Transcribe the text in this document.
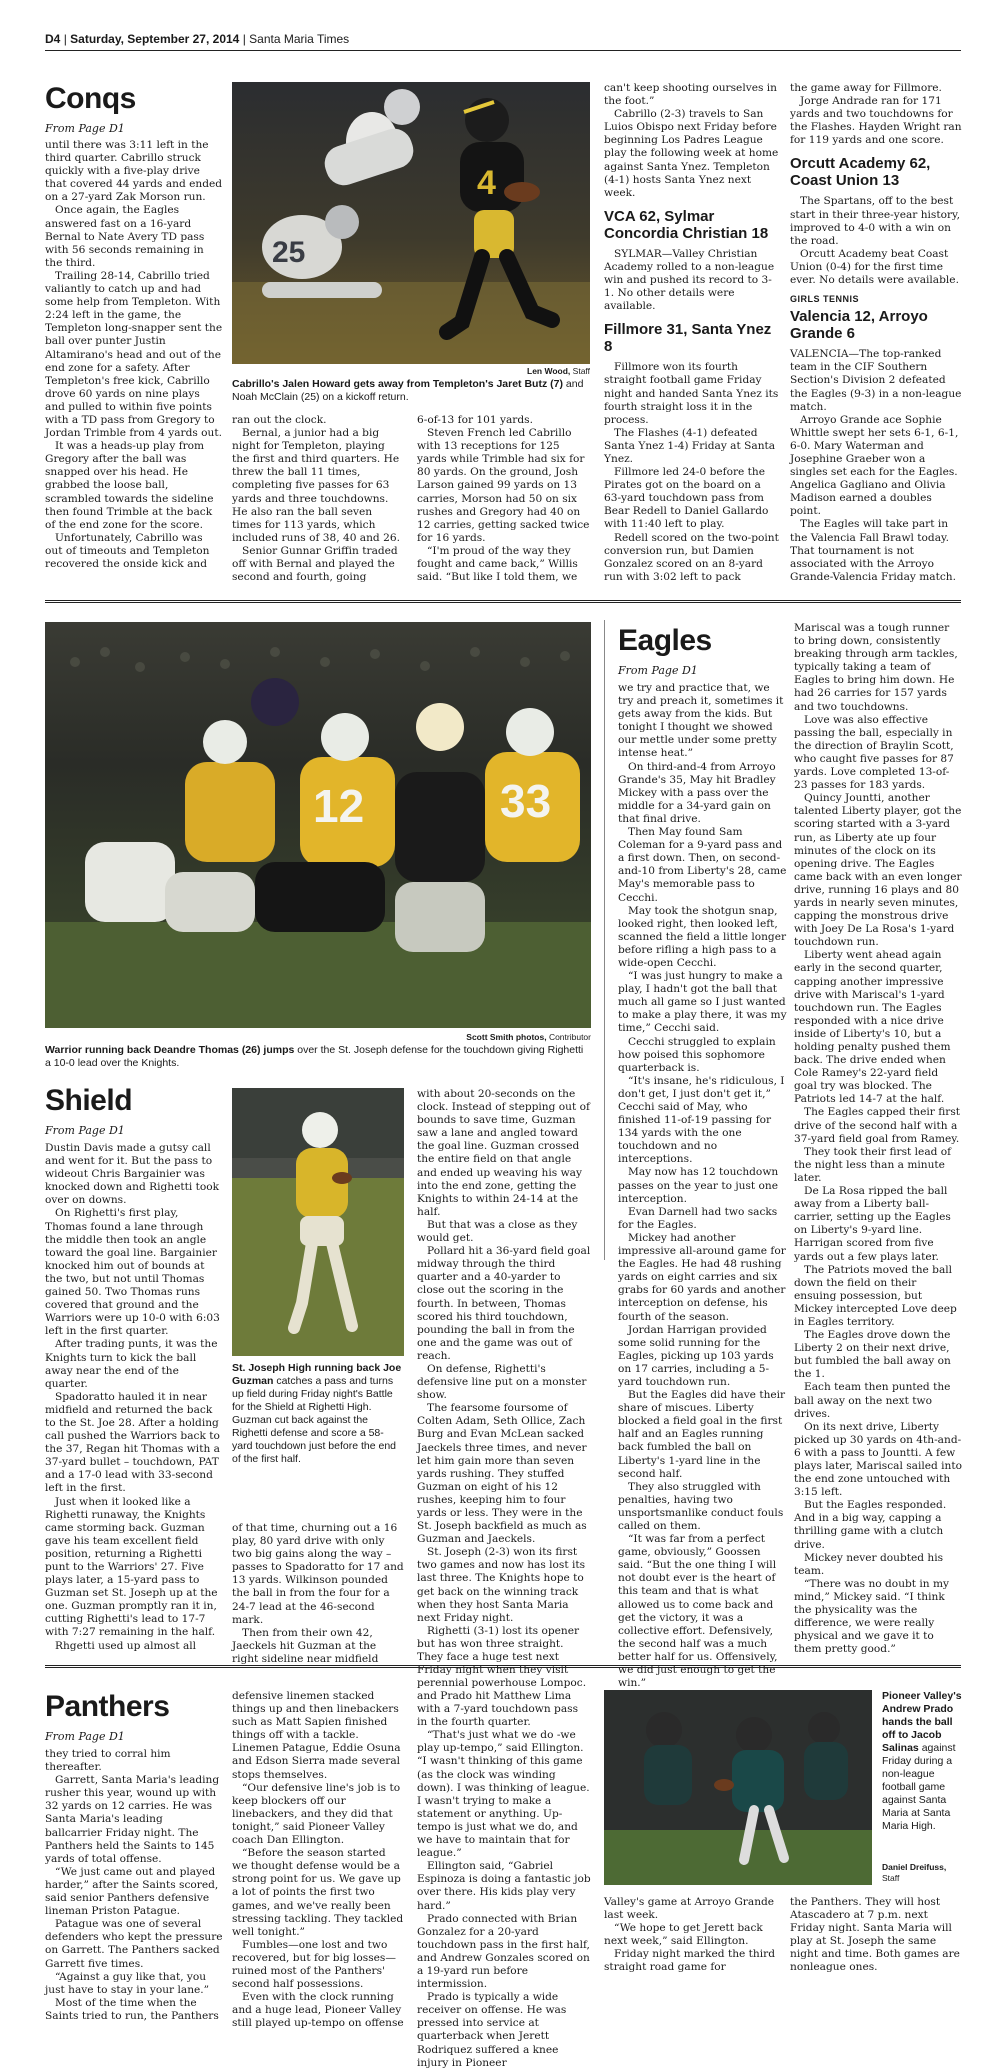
D4 | Saturday, September 27, 2014 | Santa Maria Times
Conqs
From Page D1

until there was 3:11 left in the third quarter. Cabrillo struck quickly with a five-play drive that covered 44 yards and ended on a 27-yard Zak Morson run.

Once again, the Eagles answered fast on a 16-yard Bernal to Nate Avery TD pass with 56 seconds remaining in the third.

Trailing 28-14, Cabrillo tried valiantly to catch up and had some help from Templeton. With 2:24 left in the game, the Templeton long-snapper sent the ball over punter Justin Altamirano's head and out of the end zone for a safety. After Templeton's free kick, Cabrillo drove 60 yards on nine plays and pulled to within five points with a TD pass from Gregory to Jordan Trimble from 4 yards out.

It was a heads-up play from Gregory after the ball was snapped over his head. He grabbed the loose ball, scrambled towards the sideline then found Trimble at the back of the end zone for the score.

Unfortunately, Cabrillo was out of timeouts and Templeton recovered the onside kick and

25
4
Len Wood, Staff
Cabrillo's Jalen Howard gets away from Templeton's Jaret Butz (7) and Noah McClain (25) on a kickoff return.

ran out the clock.

Bernal, a junior had a big night for Templeton, playing the first and third quarters. He threw the ball 11 times, completing five passes for 63 yards and three touchdowns. He also ran the ball seven times for 113 yards, which included runs of 38, 40 and 26.

Senior Gunnar Griffin traded off with Bernal and played the second and fourth, going

6-of-13 for 101 yards.

Steven French led Cabrillo with 13 receptions for 125 yards while Trimble had six for 80 yards. On the ground, Josh Larson gained 99 yards on 13 carries, Morson had 50 on six rushes and Gregory had 40 on 12 carries, getting sacked twice for 16 yards.

“I'm proud of the way they fought and came back,” Willis said. “But like I told them, we

can't keep shooting ourselves in the foot.”

Cabrillo (2-3) travels to San Luios Obispo next Friday before beginning Los Padres League play the following week at home against Santa Ynez. Templeton (4-1) hosts Santa Ynez next week.

VCA 62, Sylmar Concordia Christian 18

SYLMAR—Valley Christian Academy rolled to a non-league win and pushed its record to 3-1. No other details were available.

Fillmore 31, Santa Ynez 8

Fillmore won its fourth straight football game Friday night and handed Santa Ynez its fourth straight loss it in the process.

The Flashes (4-1) defeated Santa Ynez 1-4) Friday at Santa Ynez.

Fillmore led 24-0 before the Pirates got on the board on a 63-yard touchdown pass from Bear Redell to Daniel Gallardo with 11:40 left to play.

Redell scored on the two-point conversion run, but Damien Gonzalez scored on an 8-yard run with 3:02 left to pack

the game away for Fillmore.

Jorge Andrade ran for 171 yards and two touchdowns for the Flashes. Hayden Wright ran for 119 yards and one score.

Orcutt Academy 62, Coast Union 13

The Spartans, off to the best start in their three-year history, improved to 4-0 with a win on the road.

Orcutt Academy beat Coast Union (0-4) for the first time ever. No details were available.

GIRLS TENNIS
Valencia 12, Arroyo Grande 6

VALENCIA—The top-ranked team in the CIF Southern Section's Division 2 defeated the Eagles (9-3) in a non-league match.

Arroyo Grande ace Sophie Whittle swept her sets 6-1, 6-1, 6-0. Mary Waterman and Josephine Graeber won a singles set each for the Eagles. Angelica Gagliano and Olivia Madison earned a doubles point.

The Eagles will take part in the Valencia Fall Brawl today. That tournament is not associated with the Arroyo Grande-Valencia Friday match.

12	33
Scott Smith photos, Contributor
Warrior running back Deandre Thomas (26) jumps over the St. Joseph defense for the touchdown giving Righetti a 10-0 lead over the Knights.
Eagles
From Page D1

we try and practice that, we try and preach it, sometimes it gets away from the kids. But tonight I thought we showed our mettle under some pretty intense heat.”

On third-and-4 from Arroyo Grande's 35, May hit Bradley Mickey with a pass over the middle for a 34-yard gain on that final drive.

Then May found Sam Coleman for a 9-yard pass and a first down. Then, on second-and-10 from Liberty's 28, came May's memorable pass to Cecchi.

May took the shotgun snap, looked right, then looked left, scanned the field a little longer before rifling a high pass to a wide-open Cecchi.

“I was just hungry to make a play, I hadn't got the ball that much all game so I just wanted to make a play there, it was my time,” Cecchi said.

Cecchi struggled to explain how poised this sophomore quarterback is.

“It's insane, he's ridiculous, I don't get, I just don't get it,” Cecchi said of May, who finished 11-of-19 passing for 134 yards with the one touchdown and no interceptions.

May now has 12 touchdown passes on the year to just one interception.

Evan Darnell had two sacks for the Eagles.

Mickey had another impressive all-around game for the Eagles. He had 48 rushing yards on eight carries and six grabs for 60 yards and another interception on defense, his fourth of the season.

Jordan Harrigan provided some solid running for the Eagles, picking up 103 yards on 17 carries, including a 5-yard touchdown run.

But the Eagles did have their share of miscues. Liberty blocked a field goal in the first half and an Eagles running back fumbled the ball on Liberty's 1-yard line in the second half.

They also struggled with penalties, having two unsportsmanlike conduct fouls called on them.

“It was far from a perfect game, obviously,” Goossen said. “But the one thing I will not doubt ever is the heart of this team and that is what allowed us to come back and get the victory, it was a collective effort. Defensively, the second half was a much better half for us. Offensively, we did just enough to get the win.”

Mariscal was a tough runner to bring down, consistently breaking through arm tackles, typically taking a team of Eagles to bring him down. He had 26 carries for 157 yards and two touchdowns.

Love was also effective passing the ball, especially in the direction of Braylin Scott, who caught five passes for 87 yards. Love completed 13-of-23 passes for 183 yards.

Quincy Jountti, another talented Liberty player, got the scoring started with a 3-yard run, as Liberty ate up four minutes of the clock on its opening drive. The Eagles came back with an even longer drive, running 16 plays and 80 yards in nearly seven minutes, capping the monstrous drive with Joey De La Rosa's 1-yard touchdown run.

Liberty went ahead again early in the second quarter, capping another impressive drive with Mariscal's 1-yard touchdown run. The Eagles responded with a nice drive inside of Liberty's 10, but a holding penalty pushed them back. The drive ended when Cole Ramey's 22-yard field goal try was blocked. The Patriots led 14-7 at the half.

The Eagles capped their first drive of the second half with a 37-yard field goal from Ramey.

They took their first lead of the night less than a minute later.

De La Rosa ripped the ball away from a Liberty ball-carrier, setting up the Eagles on Liberty's 9-yard line. Harrigan scored from five yards out a few plays later.

The Patriots moved the ball down the field on their ensuing possession, but Mickey intercepted Love deep in Eagles territory.

The Eagles drove down the Liberty 2 on their next drive, but fumbled the ball away on the 1.

Each team then punted the ball away on the next two drives.

On its next drive, Liberty picked up 30 yards on 4th-and-6 with a pass to Jountti. A few plays later, Mariscal sailed into the end zone untouched with 3:15 left.

But the Eagles responded. And in a big way, capping a thrilling game with a clutch drive.

Mickey never doubted his team.

“There was no doubt in my mind,” Mickey said. “I think the physicality was the difference, we were really physical and we gave it to them pretty good.”

Shield
From Page D1

Dustin Davis made a gutsy call and went for it. But the pass to wideout Chris Bargainier was knocked down and Righetti took over on downs.

On Righetti's first play, Thomas found a lane through the middle then took an angle toward the goal line. Bargainier knocked him out of bounds at the two, but not until Thomas gained 50. Two Thomas runs covered that ground and the Warriors were up 10-0 with 6:03 left in the first quarter.

After trading punts, it was the Knights turn to kick the ball away near the end of the quarter.

Spadoratto hauled it in near midfield and returned the back to the St. Joe 28. After a holding call pushed the Warriors back to the 37, Regan hit Thomas with a 37-yard bullet – touchdown, PAT and a 17-0 lead with 33-second left in the first.

Just when it looked like a Righetti runaway, the Knights came storming back. Guzman gave his team excellent field position, returning a Righetti punt to the Warriors' 27. Five plays later, a 15-yard pass to Guzman set St. Joseph up at the one. Guzman promptly ran it in, cutting Righetti's lead to 17-7 with 7:27 remaining in the half.

Rhgetti used up almost all

St. Joseph High running back Joe Guzman catches a pass and turns up field during Friday night's Battle for the Shield at Righetti High. Guzman cut back against the Righetti defense and score a 58-yard touchdown just before the end of the first half.

of that time, churning out a 16 play, 80 yard drive with only two big gains along the way – passes to Spadoratto for 17 and 13 yards. Wilkinson pounded the ball in from the four for a 24-7 lead at the 46-second mark.

Then from their own 42, Jaeckels hit Guzman at the right sideline near midfield

with about 20-seconds on the clock. Instead of stepping out of bounds to save time, Guzman saw a lane and angled toward the goal line. Guzman crossed the entire field on that angle and ended up weaving his way into the end zone, getting the Knights to within 24-14 at the half.

But that was a close as they would get.

Pollard hit a 36-yard field goal midway through the third quarter and a 40-yarder to close out the scoring in the fourth. In between, Thomas scored his third touchdown, pounding the ball in from the one and the game was out of reach.

On defense, Righetti's defensive line put on a monster show.

The fearsome foursome of Colten Adam, Seth Ollice, Zach Burg and Evan McLean sacked Jaeckels three times, and never let him gain more than seven yards rushing. They stuffed Guzman on eight of his 12 rushes, keeping him to four yards or less. They were in the St. Joseph backfield as much as Guzman and Jaeckels.

St. Joseph (2-3) won its first two games and now has lost its last three. The Knights hope to get back on the winning track when they host Santa Maria next Friday night.

Righetti (3-1) lost its opener but has won three straight. They face a huge test next Friday night when they visit perennial powerhouse Lompoc.

Panthers
From Page D1

they tried to corral him thereafter.

Garrett, Santa Maria's leading rusher this year, wound up with 32 yards on 12 carries. He was Santa Maria's leading ballcarrier Friday night. The Panthers held the Saints to 145 yards of total offense.

“We just came out and played harder,” after the Saints scored, said senior Panthers defensive lineman Priston Patague.

Patague was one of several defenders who kept the pressure on Garrett. The Panthers sacked Garrett five times.

“Against a guy like that, you just have to stay in your lane.”

Most of the time when the Saints tried to run, the Panthers

defensive linemen stacked things up and then linebackers such as Matt Sapien finished things off with a tackle. Linemen Patague, Eddie Osuna and Edson Sierra made several stops themselves.

“Our defensive line's job is to keep blockers off our linebackers, and they did that tonight,” said Pioneer Valley coach Dan Ellington.

“Before the season started we thought defense would be a strong point for us. We gave up a lot of points the first two games, and we've really been stressing tackling. They tackled well tonight.”

Fumbles—one lost and two recovered, but for big losses—ruined most of the Panthers' second half possessions.

Even with the clock running and a huge lead, Pioneer Valley still played up-tempo on offense

and Prado hit Matthew Lima with a 7-yard touchdown pass in the fourth quarter.

“That's just what we do -we play up-tempo,” said Ellington. “I wasn't thinking of this game (as the clock was winding down). I was thinking of league. I wasn't trying to make a statement or anything. Up-tempo is just what we do, and we have to maintain that for league.”

Ellington said, “Gabriel Espinoza is doing a fantastic job over there. His kids play very hard.”

Prado connected with Brian Gonzalez for a 20-yard touchdown pass in the first half, and Andrew Gonzales scored on a 19-yard run before intermission.

Prado is typically a wide receiver on offense. He was pressed into service at quarterback when Jerett Rodriquez suffered a knee injury in Pioneer

Pioneer Valley's Andrew Prado hands the ball off to Jacob Salinas against Friday during a non-league football game against Santa Maria at Santa Maria High.
Daniel Dreifuss, Staff

Valley's game at Arroyo Grande last week.

“We hope to get Jerett back next week,” said Ellington.

Friday night marked the third straight road game for

the Panthers. They will host Atascadero at 7 p.m. next Friday night. Santa Maria will play at St. Joseph the same night and time. Both games are nonleague ones.
